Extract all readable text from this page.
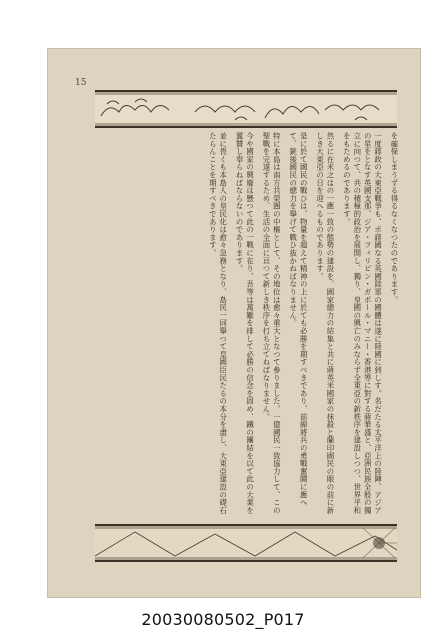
15

を確保しまうずる得るなくなつたのであります。

一度蔣政の大東亞戰爭も、ポ蔣國なる英國陸軍の國體は遂に陸國に到しす。名だたる太平洋上の陸陣、アジアの星をとなす英國支那、ジア・フィリピン・ガポール・マニー・香港等に對する蔣華盛と、亞洲民族全般の獨立に向つて、共の積極的政治を展開し、獨り、皇國の興亡のみならず全東亞の新秩序を建設しつつ、世界平和をもためるのであります。

然るに在米之はの一應一致の態勢の建設を、國家總力の結集と共に蔣英米國家の抹殺と蘭印國民の眼の前に新しき大東亞の日を迎へるものであります。

是に於て國民の戰ひは、物量を超えて精神の上に於ても必勝を期すべきであり、前線將兵の勇戰奮鬪に應へて、銃後國民の總力を擧げて戰ひ抜かねばなりません。

特に本島は南方共榮圏の中樞として、その地位は愈々重大となつて參りました。一億國民一致協力して、この聖戰を完遂するため、生活の全面に亘つて新しき秩序を打ち立てねばなりません。

今や國家の興廢は懸つて此の一戰に在り、吾等は萬難を排して必勝の信念を固め、鐵の團結を以て此の大業を翼贊し奉らねばならないのであります。

並に畏くも本島人の皇民化は愈々急務となり、島民一同擧つて皇國臣民たるの本分を盡し、大東亞建設の礎石たらんことを期すべきであります。

20030080502_P017
